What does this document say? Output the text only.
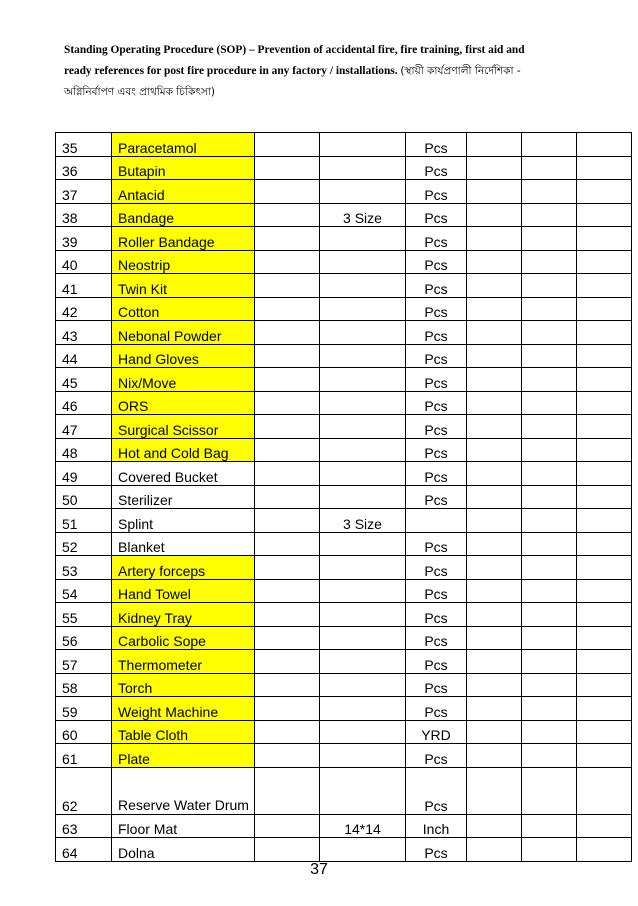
Standing Operating Procedure (SOP) – Prevention of accidental fire, fire training, first aid and ready references for post fire procedure in any factory / installations. (স্থায়ী কার্যপ্রণালী নির্দেশিকা - অগ্নিনির্বাপণ এবং প্রাথমিক চিকিৎসা)
35	Paracetamol			Pcs			
36	Butapin			Pcs			
37	Antacid			Pcs			
38	Bandage		3 Size	Pcs			
39	Roller Bandage			Pcs			
40	Neostrip			Pcs			
41	Twin Kit			Pcs			
42	Cotton			Pcs			
43	Nebonal Powder			Pcs			
44	Hand Gloves			Pcs			
45	Nix/Move			Pcs			
46	ORS			Pcs			
47	Surgical Scissor			Pcs			
48	Hot and Cold Bag			Pcs			
49	Covered Bucket			Pcs			
50	Sterilizer			Pcs			
51	Splint		3 Size				
52	Blanket			Pcs			
53	Artery forceps			Pcs			
54	Hand Towel			Pcs			
55	Kidney Tray			Pcs			
56	Carbolic Sope			Pcs			
57	Thermometer			Pcs			
58	Torch			Pcs			
59	Weight Machine			Pcs			
60	Table Cloth			YRD			
61	Plate			Pcs			
62	Reserve Water Drum			Pcs			
63	Floor Mat		14*14	Inch			
64	Dolna			Pcs			
37
